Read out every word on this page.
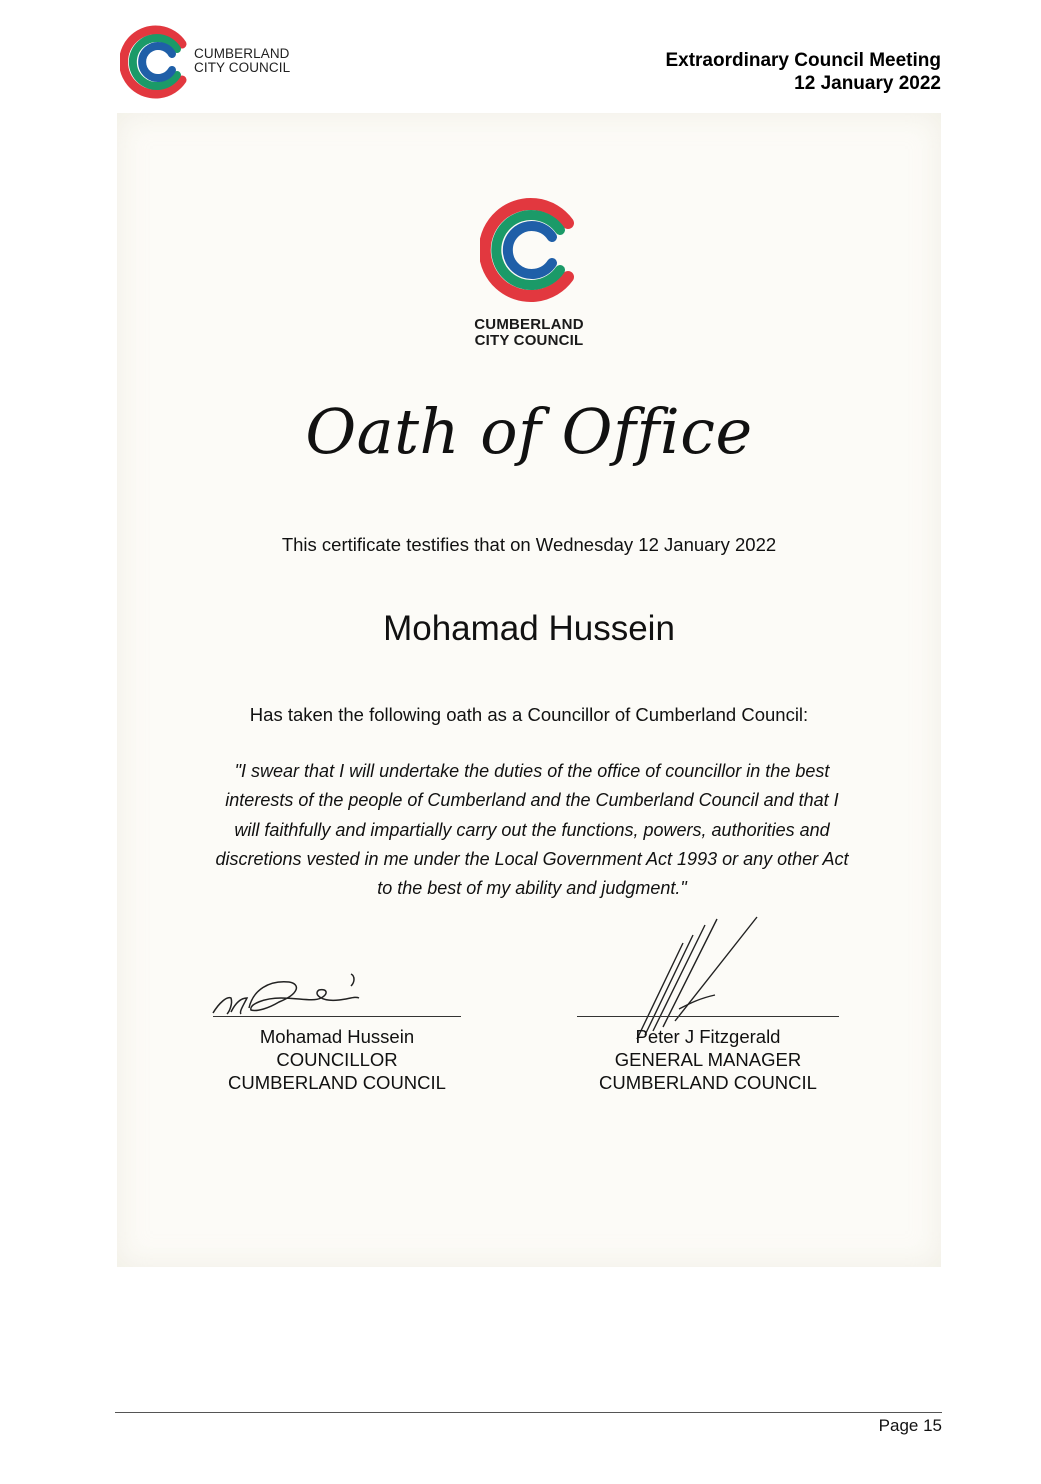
CUMBERLAND
CITY COUNCIL	Extraordinary Council Meeting
12 January 2022
CUMBERLAND
CITY COUNCIL
Oath of Office
This certificate testifies that on Wednesday 12 January 2022
Mohamad Hussein
Has taken the following oath as a Councillor of Cumberland Council:
"I swear that I will undertake the duties of the office of councillor in the best interests of the people of Cumberland and the Cumberland Council and that I will faithfully and impartially carry out the functions, powers, authorities and discretions vested in me under the Local Government Act 1993 or any other Act to the best of my ability and judgment."
Mohamad Hussein
COUNCILLOR
CUMBERLAND COUNCIL
Peter J Fitzgerald
GENERAL MANAGER
CUMBERLAND COUNCIL
Page 15
